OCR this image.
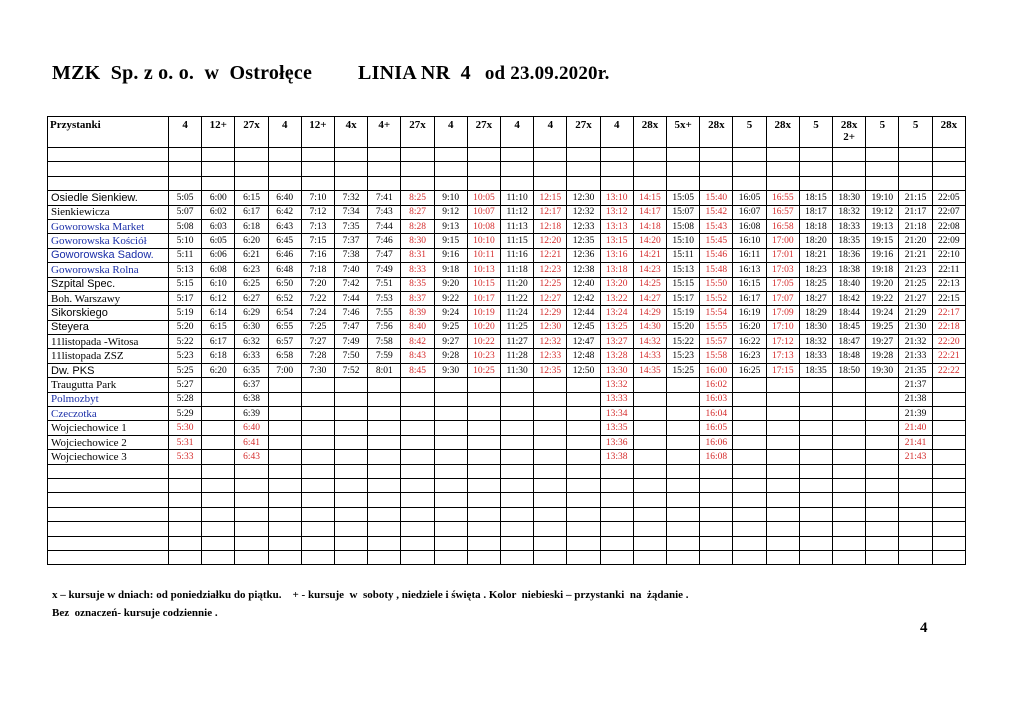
MZK  Sp. z o. o.  w  Ostrołęce LINIA NR  4 od 23.09.2020r.
Przystanki	4	12+	27x	4	12+	4x	4+	27x	4	27x	4	4	27x	4	28x	5x+	28x	5	28x	5	28x 2+	5	5	28x

Osiedle Sienkiew.	5:05	6:00	6:15	6:40	7:10	7:32	7:41	8:25	9:10	10:05	11:10	12:15	12:30	13:10	14:15	15:05	15:40	16:05	16:55	18:15	18:30	19:10	21:15	22:05
Sienkiewicza	5:07	6:02	6:17	6:42	7:12	7:34	7:43	8:27	9:12	10:07	11:12	12:17	12:32	13:12	14:17	15:07	15:42	16:07	16:57	18:17	18:32	19:12	21:17	22:07
Goworowska Market	5:08	6:03	6:18	6:43	7:13	7:35	7:44	8:28	9:13	10:08	11:13	12:18	12:33	13:13	14:18	15:08	15:43	16:08	16:58	18:18	18:33	19:13	21:18	22:08
Goworowska Kościół	5:10	6:05	6:20	6:45	7:15	7:37	7:46	8:30	9:15	10:10	11:15	12:20	12:35	13:15	14:20	15:10	15:45	16:10	17:00	18:20	18:35	19:15	21:20	22:09
Goworowska Sadow.	5:11	6:06	6:21	6:46	7:16	7:38	7:47	8:31	9:16	10:11	11:16	12:21	12:36	13:16	14:21	15:11	15:46	16:11	17:01	18:21	18:36	19:16	21:21	22:10
Goworowska Rolna	5:13	6:08	6:23	6:48	7:18	7:40	7:49	8:33	9:18	10:13	11:18	12:23	12:38	13:18	14:23	15:13	15:48	16:13	17:03	18:23	18:38	19:18	21:23	22:11
Szpital Spec.	5:15	6:10	6:25	6:50	7:20	7:42	7:51	8:35	9:20	10:15	11:20	12:25	12:40	13:20	14:25	15:15	15:50	16:15	17:05	18:25	18:40	19:20	21:25	22:13
Boh. Warszawy	5:17	6:12	6:27	6:52	7:22	7:44	7:53	8:37	9:22	10:17	11:22	12:27	12:42	13:22	14:27	15:17	15:52	16:17	17:07	18:27	18:42	19:22	21:27	22:15
Sikorskiego	5:19	6:14	6:29	6:54	7:24	7:46	7:55	8:39	9:24	10:19	11:24	12:29	12:44	13:24	14:29	15:19	15:54	16:19	17:09	18:29	18:44	19:24	21:29	22:17
Steyera	5:20	6:15	6:30	6:55	7:25	7:47	7:56	8:40	9:25	10:20	11:25	12:30	12:45	13:25	14:30	15:20	15:55	16:20	17:10	18:30	18:45	19:25	21:30	22:18
11listopada -Witosa	5:22	6:17	6:32	6:57	7:27	7:49	7:58	8:42	9:27	10:22	11:27	12:32	12:47	13:27	14:32	15:22	15:57	16:22	17:12	18:32	18:47	19:27	21:32	22:20
11listopada ZSZ	5:23	6:18	6:33	6:58	7:28	7:50	7:59	8:43	9:28	10:23	11:28	12:33	12:48	13:28	14:33	15:23	15:58	16:23	17:13	18:33	18:48	19:28	21:33	22:21
Dw. PKS	5:25	6:20	6:35	7:00	7:30	7:52	8:01	8:45	9:30	10:25	11:30	12:35	12:50	13:30	14:35	15:25	16:00	16:25	17:15	18:35	18:50	19:30	21:35	22:22
Traugutta Park	5:27		6:37											13:32			16:02						21:37	
Polmozbyt	5:28		6:38											13:33			16:03						21:38	
Czeczotka	5:29		6:39											13:34			16:04						21:39	
Wojciechowice 1	5:30		6:40											13:35			16:05						21:40	
Wojciechowice 2	5:31		6:41											13:36			16:06						21:41	
Wojciechowice 3	5:33		6:43											13:38			16:08						21:43	

x – kursuje w dniach: od poniedziałku do piątku.    + - kursuje  w  soboty , niedziele i święta . Kolor  niebieski – przystanki  na  żądanie .
Bez  oznaczeń- kursuje codziennie .
4
